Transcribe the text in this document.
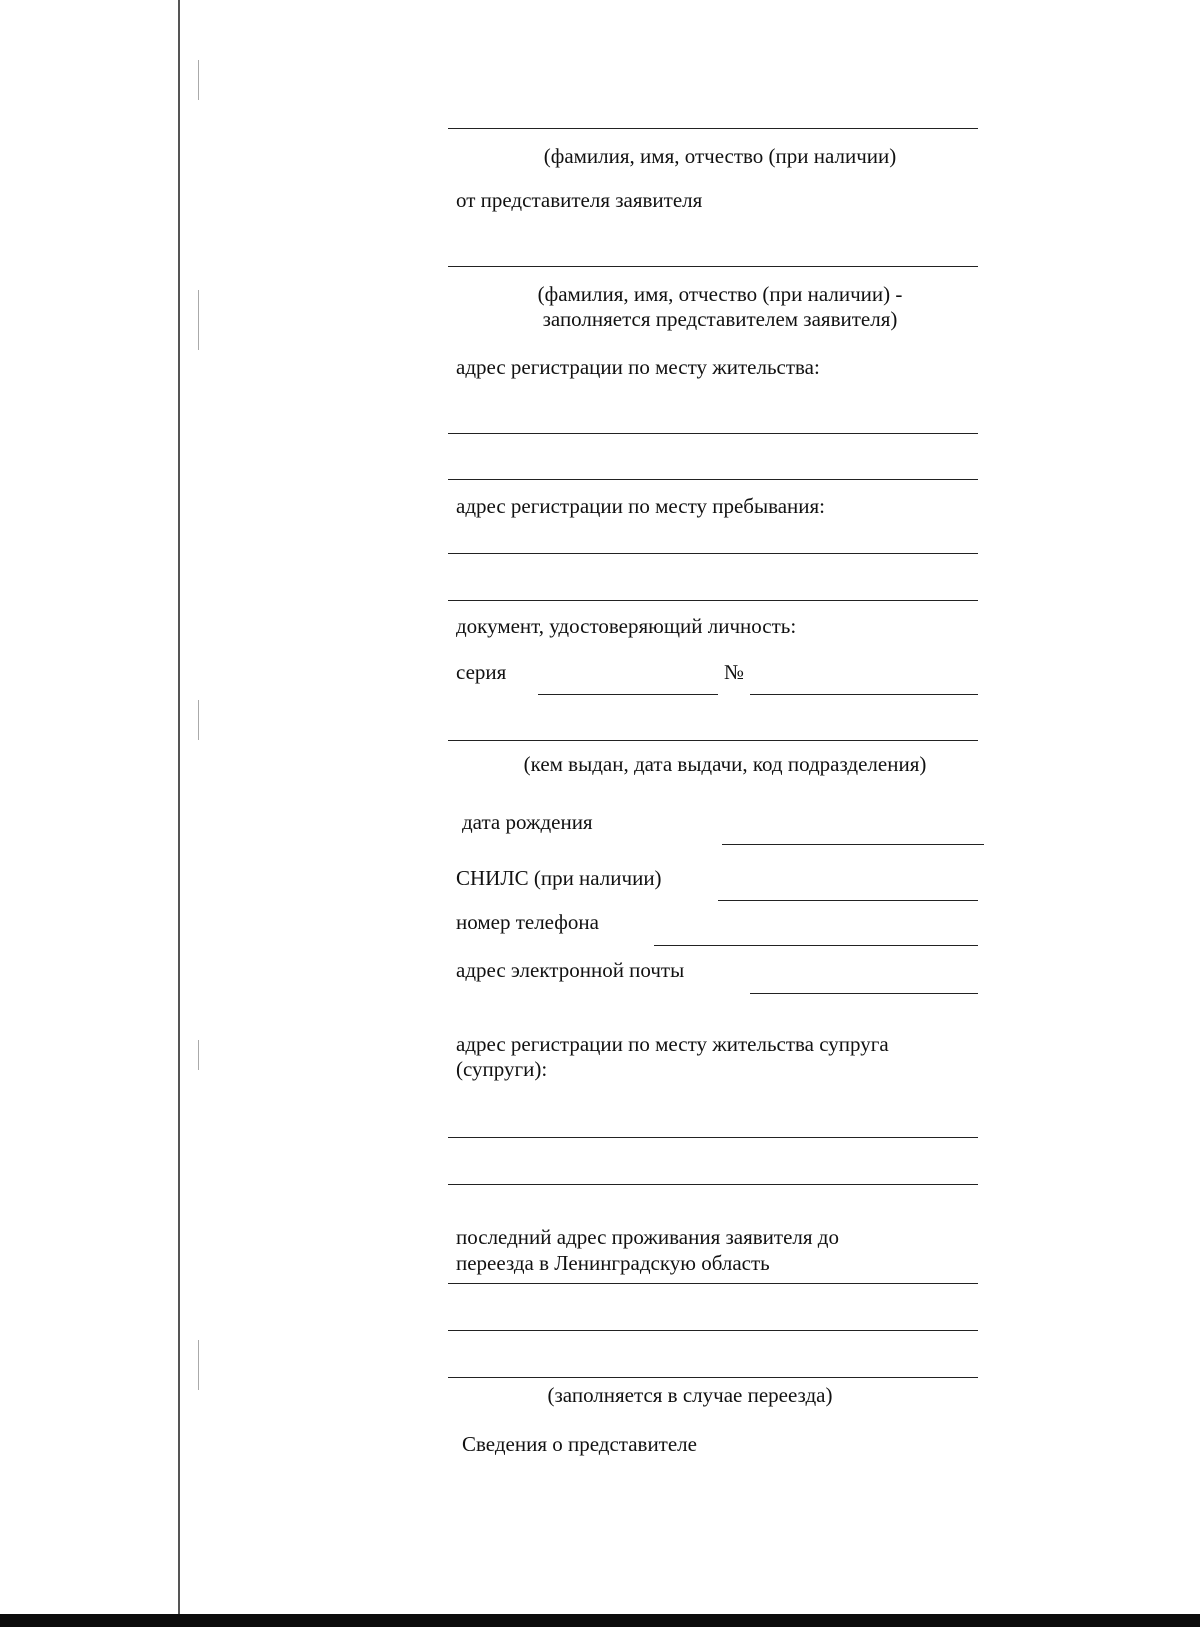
(фамилия, имя, отчество (при наличии)
от представителя заявителя
(фамилия, имя, отчество (при наличии) -
заполняется представителем заявителя)
адрес регистрации по месту жительства:
адрес регистрации по месту пребывания:
документ, удостоверяющий личность:
серия	№
(кем выдан, дата выдачи, код подразделения)
дата рождения
СНИЛС (при наличии)
номер телефона
адрес электронной почты
адрес регистрации по месту жительства супруга
(супруги):
последний адрес проживания заявителя до
переезда в Ленинградскую область
(заполняется в случае переезда)
Сведения о представителе
